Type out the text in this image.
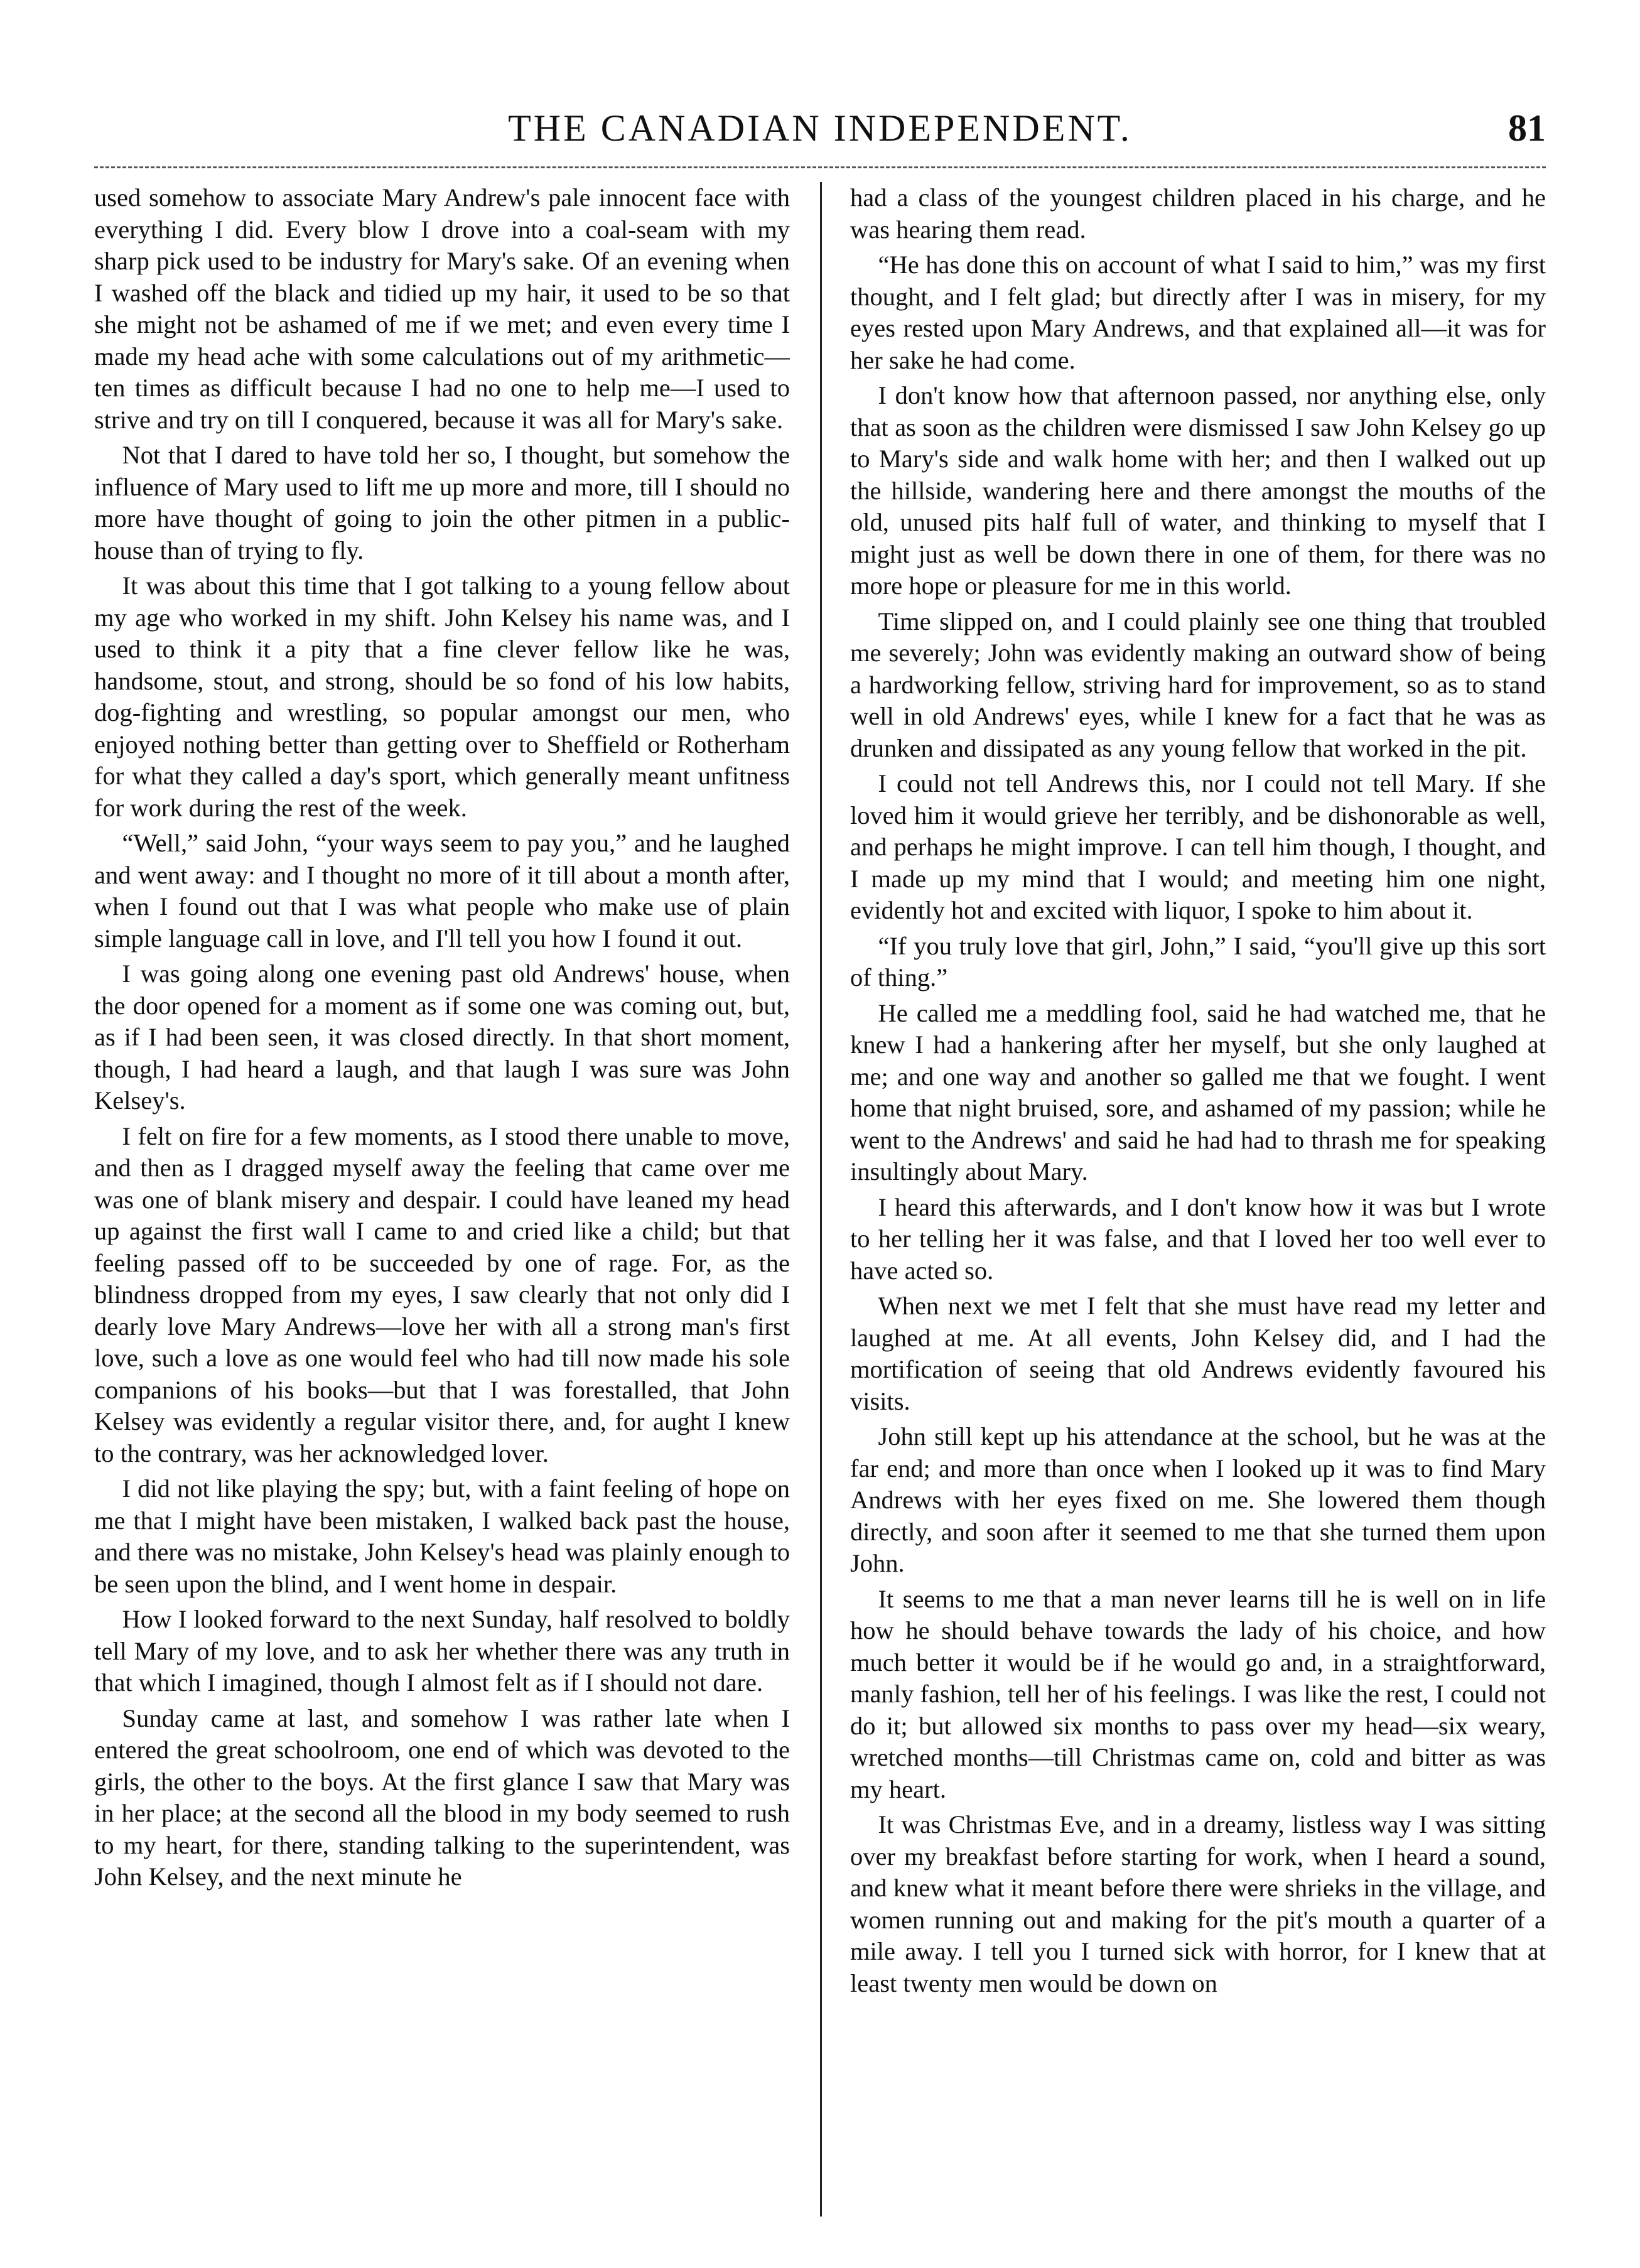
THE CANADIAN INDEPENDENT.	81

used somehow to associate Mary Andrew's pale innocent face with everything I did. Every blow I drove into a coal-seam with my sharp pick used to be industry for Mary's sake. Of an evening when I washed off the black and tidied up my hair, it used to be so that she might not be ashamed of me if we met; and even every time I made my head ache with some calculations out of my arithmetic—ten times as difficult because I had no one to help me—I used to strive and try on till I conquered, because it was all for Mary's sake.

Not that I dared to have told her so, I thought, but somehow the influence of Mary used to lift me up more and more, till I should no more have thought of going to join the other pitmen in a public-house than of trying to fly.

It was about this time that I got talking to a young fellow about my age who worked in my shift. John Kelsey his name was, and I used to think it a pity that a fine clever fellow like he was, handsome, stout, and strong, should be so fond of his low habits, dog-fighting and wrestling, so popular amongst our men, who enjoyed nothing better than getting over to Sheffield or Rotherham for what they called a day's sport, which generally meant unfitness for work during the rest of the week.

“Well,” said John, “your ways seem to pay you,” and he laughed and went away: and I thought no more of it till about a month after, when I found out that I was what people who make use of plain simple language call in love, and I'll tell you how I found it out.

I was going along one evening past old Andrews' house, when the door opened for a moment as if some one was coming out, but, as if I had been seen, it was closed directly. In that short moment, though, I had heard a laugh, and that laugh I was sure was John Kelsey's.

I felt on fire for a few moments, as I stood there unable to move, and then as I dragged myself away the feeling that came over me was one of blank misery and despair. I could have leaned my head up against the first wall I came to and cried like a child; but that feeling passed off to be succeeded by one of rage. For, as the blindness dropped from my eyes, I saw clearly that not only did I dearly love Mary Andrews—love her with all a strong man's first love, such a love as one would feel who had till now made his sole companions of his books—but that I was forestalled, that John Kelsey was evidently a regular visitor there, and, for aught I knew to the contrary, was her acknowledged lover.

I did not like playing the spy; but, with a faint feeling of hope on me that I might have been mistaken, I walked back past the house, and there was no mistake, John Kelsey's head was plainly enough to be seen upon the blind, and I went home in despair.

How I looked forward to the next Sunday, half resolved to boldly tell Mary of my love, and to ask her whether there was any truth in that which I imagined, though I almost felt as if I should not dare.

Sunday came at last, and somehow I was rather late when I entered the great schoolroom, one end of which was devoted to the girls, the other to the boys. At the first glance I saw that Mary was in her place; at the second all the blood in my body seemed to rush to my heart, for there, standing talking to the superintendent, was John Kelsey, and the next minute he

had a class of the youngest children placed in his charge, and he was hearing them read.

“He has done this on account of what I said to him,” was my first thought, and I felt glad; but directly after I was in misery, for my eyes rested upon Mary Andrews, and that explained all—it was for her sake he had come.

I don't know how that afternoon passed, nor anything else, only that as soon as the children were dismissed I saw John Kelsey go up to Mary's side and walk home with her; and then I walked out up the hillside, wandering here and there amongst the mouths of the old, unused pits half full of water, and thinking to myself that I might just as well be down there in one of them, for there was no more hope or pleasure for me in this world.

Time slipped on, and I could plainly see one thing that troubled me severely; John was evidently making an outward show of being a hardworking fellow, striving hard for improvement, so as to stand well in old Andrews' eyes, while I knew for a fact that he was as drunken and dissipated as any young fellow that worked in the pit.

I could not tell Andrews this, nor I could not tell Mary. If she loved him it would grieve her terribly, and be dishonorable as well, and perhaps he might improve. I can tell him though, I thought, and I made up my mind that I would; and meeting him one night, evidently hot and excited with liquor, I spoke to him about it.

“If you truly love that girl, John,” I said, “you'll give up this sort of thing.”

He called me a meddling fool, said he had watched me, that he knew I had a hankering after her myself, but she only laughed at me; and one way and another so galled me that we fought. I went home that night bruised, sore, and ashamed of my passion; while he went to the Andrews' and said he had had to thrash me for speaking insultingly about Mary.

I heard this afterwards, and I don't know how it was but I wrote to her telling her it was false, and that I loved her too well ever to have acted so.

When next we met I felt that she must have read my letter and laughed at me. At all events, John Kelsey did, and I had the mortification of seeing that old Andrews evidently favoured his visits.

John still kept up his attendance at the school, but he was at the far end; and more than once when I looked up it was to find Mary Andrews with her eyes fixed on me. She lowered them though directly, and soon after it seemed to me that she turned them upon John.

It seems to me that a man never learns till he is well on in life how he should behave towards the lady of his choice, and how much better it would be if he would go and, in a straightforward, manly fashion, tell her of his feelings. I was like the rest, I could not do it; but allowed six months to pass over my head—six weary, wretched months—till Christmas came on, cold and bitter as was my heart.

It was Christmas Eve, and in a dreamy, listless way I was sitting over my breakfast before starting for work, when I heard a sound, and knew what it meant before there were shrieks in the village, and women running out and making for the pit's mouth a quarter of a mile away. I tell you I turned sick with horror, for I knew that at least twenty men would be down on
